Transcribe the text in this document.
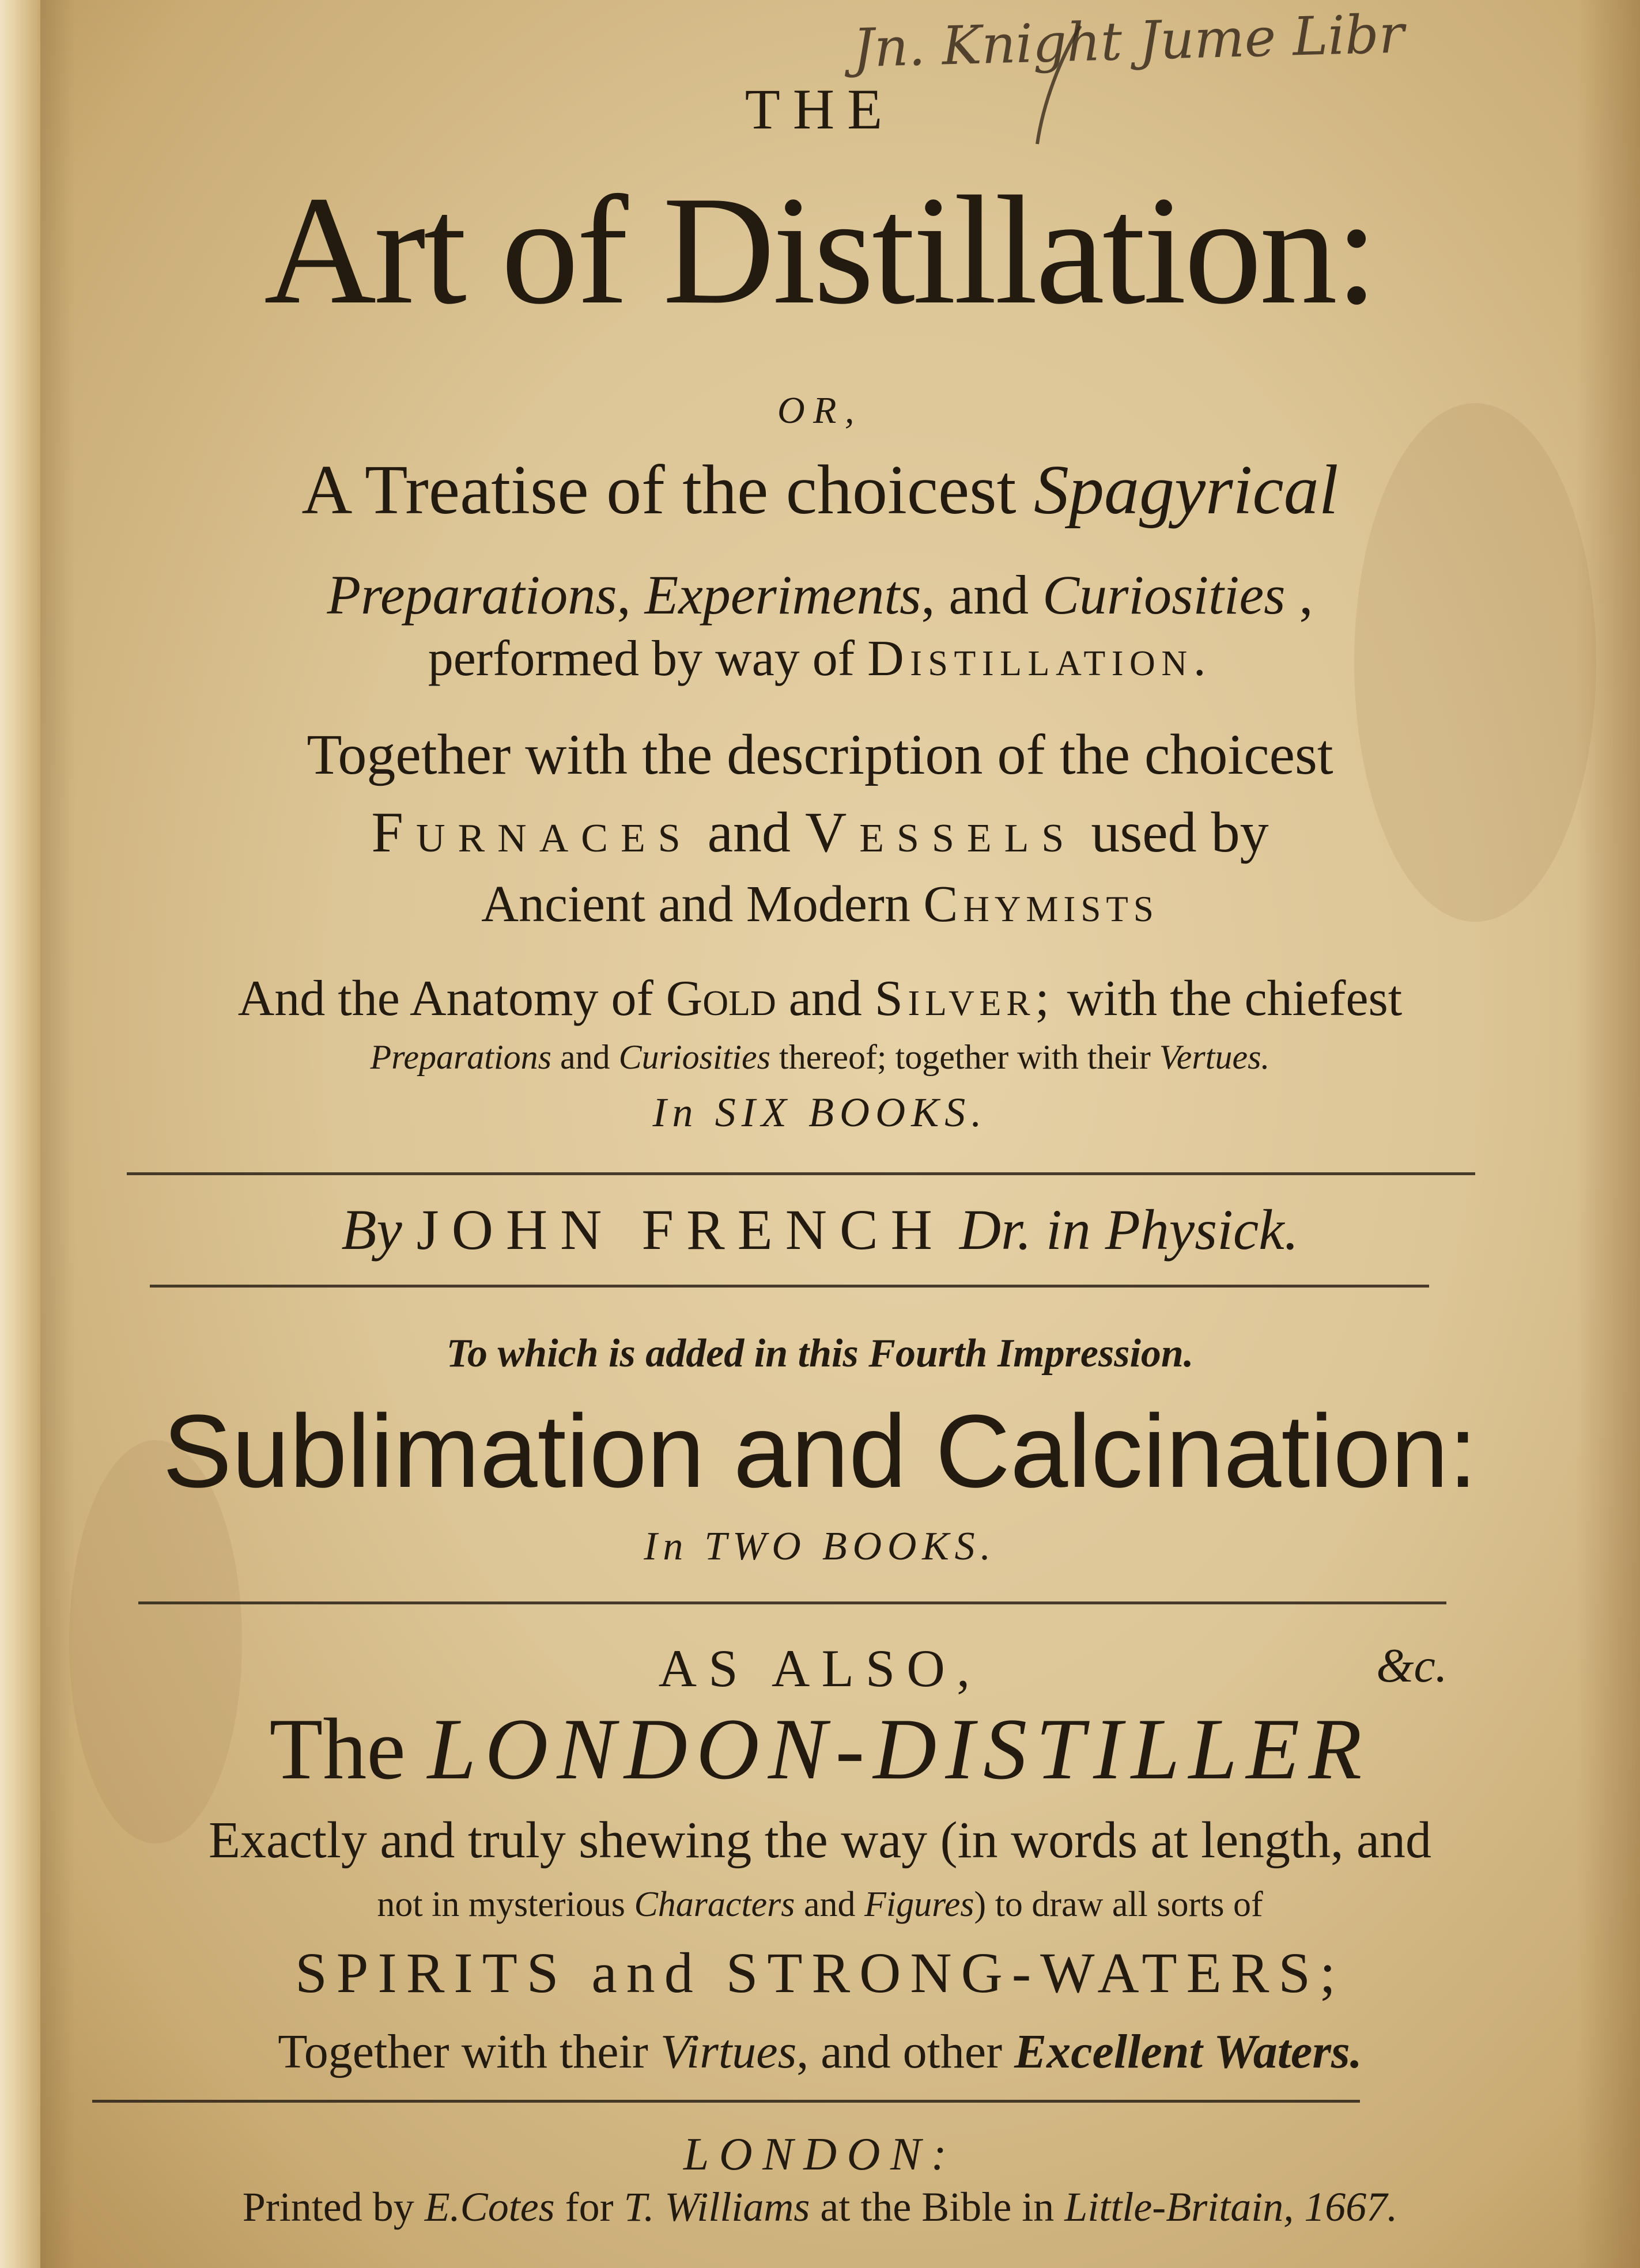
Jn. Knight Jume Libr
THE
Art of Distillation:
OR,
A Treatise of the choicest Spagyrical
Preparations, Experiments, and Curiosities ,
performed by way of Distillation.
Together with the description of the choicest
Furnaces and Vessels used by
Ancient and Modern Chymists
And the Anatomy of Gold and Silver; with the chiefest
Preparations and Curiosities thereof; together with their Vertues.
In SIX BOOKS.
By JOHN FRENCH Dr. in Physick.
To which is added in this Fourth Impression.
Sublimation and Calcination:
In TWO BOOKS.
AS ALSO,	&c.
The LONDON-DISTILLER
Exactly and truly shewing the way (in words at length, and
not in mysterious Characters and Figures) to draw all sorts of
SPIRITS and STRONG-WATERS;
Together with their Virtues, and other Excellent Waters.
LONDON:
Printed by E.Cotes for T. Williams at the Bible in Little-Britain, 1667.
